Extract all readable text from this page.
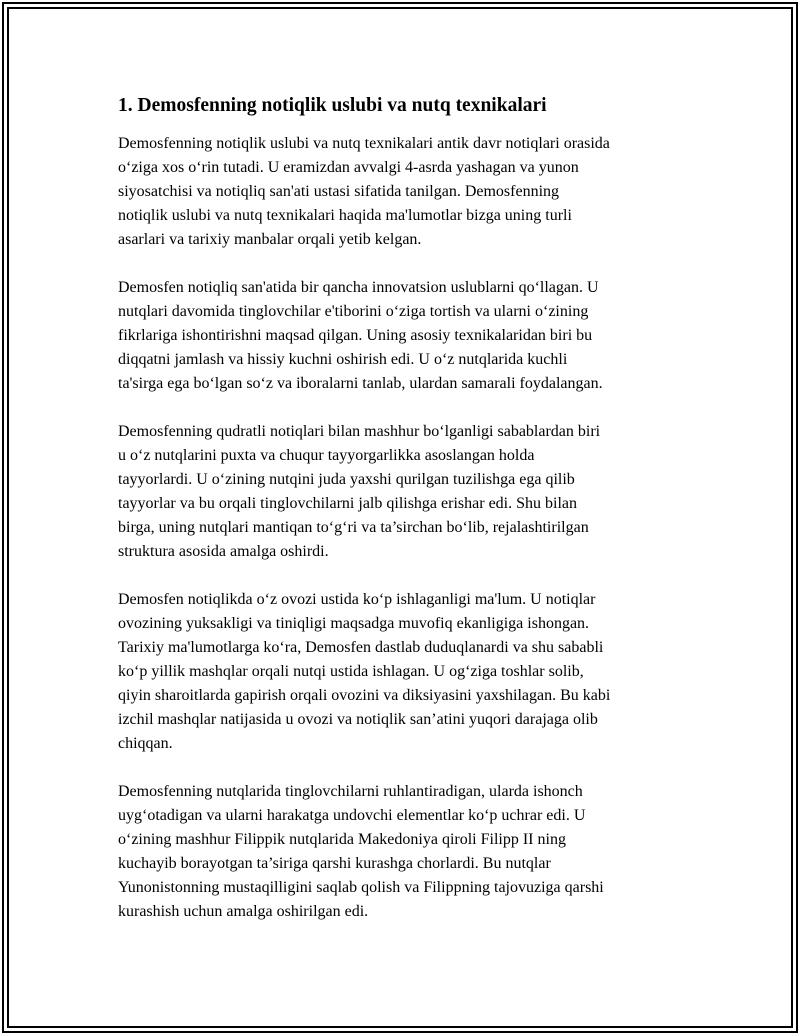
1. Demosfenning notiqlik uslubi va nutq texnikalari

Demosfenning notiqlik uslubi va nutq texnikalari antik davr notiqlari orasida
o‘ziga xos o‘rin tutadi. U eramizdan avvalgi 4-asrda yashagan va yunon
siyosatchisi va notiqliq san'ati ustasi sifatida tanilgan. Demosfenning
notiqlik uslubi va nutq texnikalari haqida ma'lumotlar bizga uning turli
asarlari va tarixiy manbalar orqali yetib kelgan.

Demosfen notiqliq san'atida bir qancha innovatsion uslublarni qo‘llagan. U
nutqlari davomida tinglovchilar e'tiborini o‘ziga tortish va ularni o‘zining
fikrlariga ishontirishni maqsad qilgan. Uning asosiy texnikalaridan biri bu
diqqatni jamlash va hissiy kuchni oshirish edi. U o‘z nutqlarida kuchli
ta'sirga ega bo‘lgan so‘z va iboralarni tanlab, ulardan samarali foydalangan.

Demosfenning qudratli notiqlari bilan mashhur bo‘lganligi sabablardan biri
u o‘z nutqlarini puxta va chuqur tayyorgarlikka asoslangan holda
tayyorlardi. U o‘zining nutqini juda yaxshi qurilgan tuzilishga ega qilib
tayyorlar va bu orqali tinglovchilarni jalb qilishga erishar edi. Shu bilan
birga, uning nutqlari mantiqan to‘g‘ri va ta’sirchan bo‘lib, rejalashtirilgan
struktura asosida amalga oshirdi.

Demosfen notiqlikda o‘z ovozi ustida ko‘p ishlaganligi ma'lum. U notiqlar
ovozining yuksakligi va tiniqligi maqsadga muvofiq ekanligiga ishongan.
Tarixiy ma'lumotlarga ko‘ra, Demosfen dastlab duduqlanardi va shu sababli
ko‘p yillik mashqlar orqali nutqi ustida ishlagan. U og‘ziga toshlar solib,
qiyin sharoitlarda gapirish orqali ovozini va diksiyasini yaxshilagan. Bu kabi
izchil mashqlar natijasida u ovozi va notiqlik san’atini yuqori darajaga olib
chiqqan.

Demosfenning nutqlarida tinglovchilarni ruhlantiradigan, ularda ishonch
uyg‘otadigan va ularni harakatga undovchi elementlar ko‘p uchrar edi. U
o‘zining mashhur Filippik nutqlarida Makedoniya qiroli Filipp II ning
kuchayib borayotgan ta’siriga qarshi kurashga chorlardi. Bu nutqlar
Yunonistonning mustaqilligini saqlab qolish va Filippning tajovuziga qarshi
kurashish uchun amalga oshirilgan edi.
